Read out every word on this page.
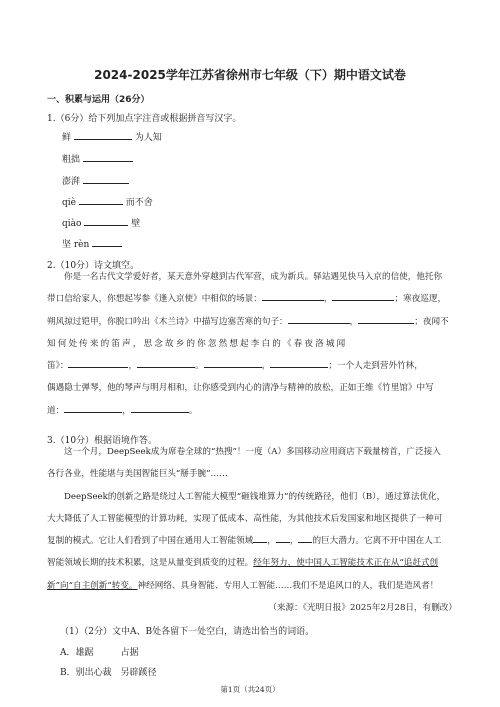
2024-2025学年江苏省徐州市七年级（下）期中语文试卷
一、积累与运用（26分）
1.（6分）给下列加点字注音或根据拼音写汉字。
鲜	为人知
粗拙
澎湃
qiè	而不舍
qiào	壁
坚 rèn
2.（10分）诗文填空。
你是一名古代文学爱好者，某天意外穿越到古代军营，成为新兵。驿站遇见快马入京的信使，他托你
带口信给家人，你想起岑参《逢入京使》中相似的场景：	，	；寒夜巡逻，
朔风掠过铠甲，你脱口吟出《木兰诗》中描写边塞苦寒的句子：	，	；夜闻不
知 何 处 传 来 的 笛 声 ， 思 念 故 乡 的 你 忽 然 想 起 李 白 的 《 春 夜 洛 城 闻
笛》：	，	。	，	；一个人走到营外竹林，
偶遇隐士弹琴，他的琴声与明月相和，让你感受到内心的清净与精神的放松，正如王维《竹里馆》中写
道：	，	。
3.（10分）根据语境作答。
这一个月，DeepSeek成为席卷全球的“热搜”！一度（A）多国移动应用商店下载量榜首，广泛接入
各行各业，性能堪与美国智能巨头“掰手腕”……
DeepSeek的创新之路是绕过人工智能大模型“砸钱堆算力”的传统路径，他们（B），通过算法优化，
大大降低了人工智能模型的计算功耗，实现了低成本、高性能，为其他技术后发国家和地区提供了一种可
复制的模式。它让人们看到了中国在通用人工智能领域 ， ， 的巨大潜力。它离不开中国在人工
智能领域长期的技术积累，这是从量变到质变的过程。经年努力，使中国人工智能技术正在从“追赶式创
新”向“自主创新”转变。神经网络、具身智能、专用人工智能……我们不是追风口的人，我们是造风者！
（来源：《光明日报》2025年2月28日，有删改）
（1）（2分）文中A、B处各留下一处空白，请选出恰当的词语。
A．雄踞　　　占据
B．别出心裁　另辟蹊径
第1页（共24页）
